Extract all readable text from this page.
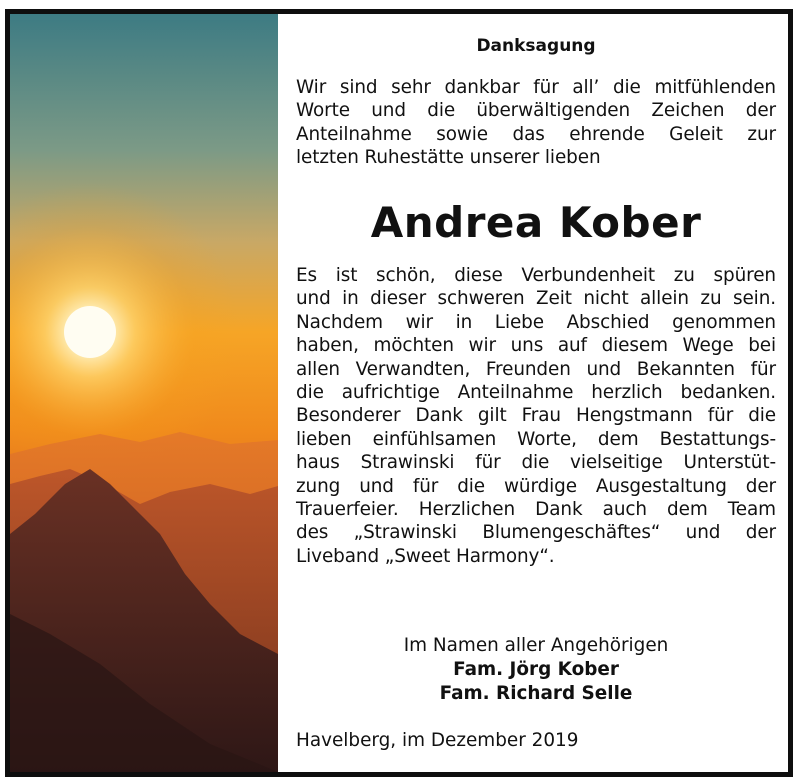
Danksagung
Wir sind sehr dankbar für all’ die mitfühlenden
Worte und die überwältigenden Zeichen der
Anteilnahme sowie das ehrende Geleit zur
letzten Ruhestätte unserer lieben
Andrea Kober
Es ist schön, diese Verbundenheit zu spüren
und in dieser schweren Zeit nicht allein zu sein.
Nachdem wir in Liebe Abschied genommen
haben, möchten wir uns auf diesem Wege bei
allen Verwandten, Freunden und Bekannten für
die aufrichtige Anteilnahme herzlich bedanken.
Besonderer Dank gilt Frau Hengstmann für die
lieben einfühlsamen Worte, dem Bestattungs-
haus Strawinski für die vielseitige Unterstüt-
zung und für die würdige Ausgestaltung der
Trauerfeier. Herzlichen Dank auch dem Team
des „Strawinski Blumengeschäftes“ und der
Liveband „Sweet Harmony“.
Im Namen aller Angehörigen
Fam. Jörg Kober
Fam. Richard Selle
Havelberg, im Dezember 2019
